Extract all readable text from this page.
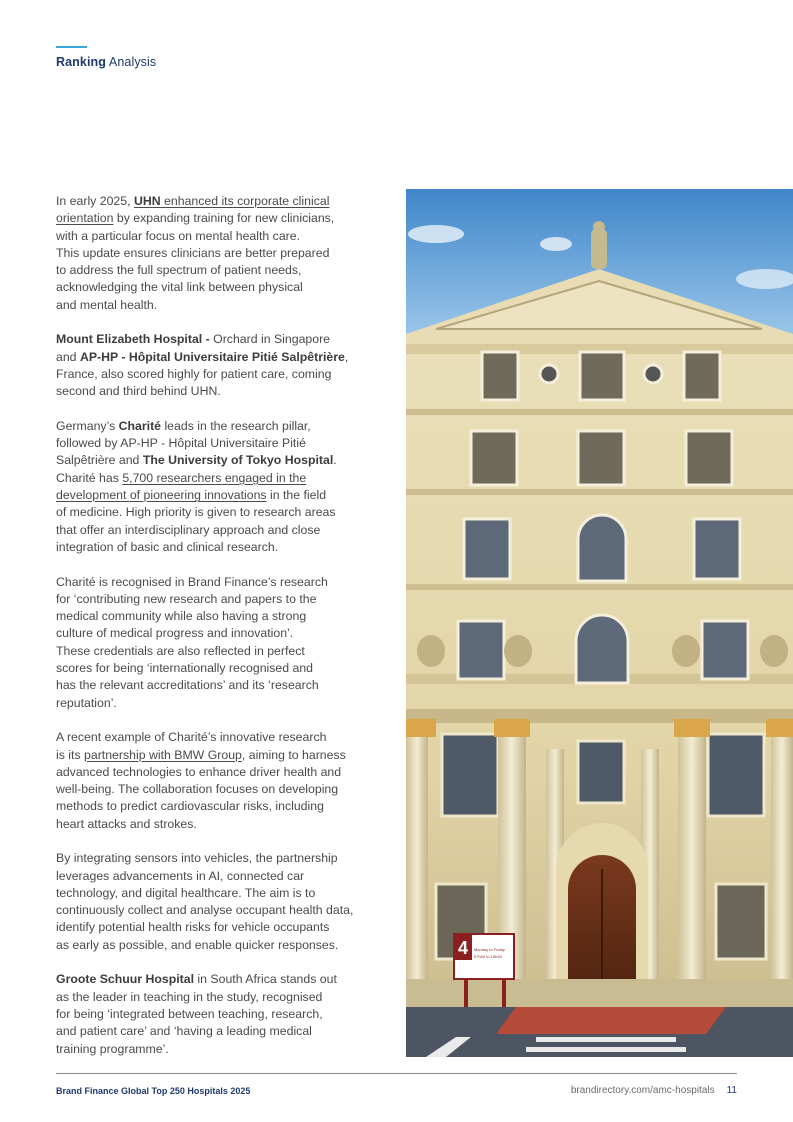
Ranking Analysis

In early 2025, UHN enhanced its corporate clinical
orientation by expanding training for new clinicians,
with a particular focus on mental health care.
This update ensures clinicians are better prepared
to address the full spectrum of patient needs,
acknowledging the vital link between physical
and mental health.

Mount Elizabeth Hospital - Orchard in Singapore
and AP-HP - Hôpital Universitaire Pitié Salpêtrière,
France, also scored highly for patient care, coming
second and third behind UHN.

Germany’s Charité leads in the research pillar,
followed by AP-HP - Hôpital Universitaire Pitié
Salpêtrière and The University of Tokyo Hospital.
Charité has 5,700 researchers engaged in the
development of pioneering innovations in the field
of medicine. High priority is given to research areas
that offer an interdisciplinary approach and close
integration of basic and clinical research.

Charité is recognised in Brand Finance’s research
for ‘contributing new research and papers to the
medical community while also having a strong
culture of medical progress and innovation’.
These credentials are also reflected in perfect
scores for being ‘internationally recognised and
has the relevant accreditations’ and its ‘research
reputation’.

A recent example of Charité’s innovative research
is its partnership with BMW Group, aiming to harness
advanced technologies to enhance driver health and
well-being. The collaboration focuses on developing
methods to predict cardiovascular risks, including
heart attacks and strokes.

By integrating sensors into vehicles, the partnership
leverages advancements in AI, connected car
technology, and digital healthcare. The aim is to
continuously collect and analyse occupant health data,
identify potential health risks for vehicle occupants
as early as possible, and enable quicker responses.

Groote Schuur Hospital in South Africa stands out
as the leader in teaching in the study, recognised
for being ‘integrated between teaching, research,
and patient care’ and ‘having a leading medical
training programme’.

4 Monday to Friday
07h30 to 15h30
Brand Finance Global Top 250 Hospitals 2025	brandirectory.com/amc-hospitals 11
